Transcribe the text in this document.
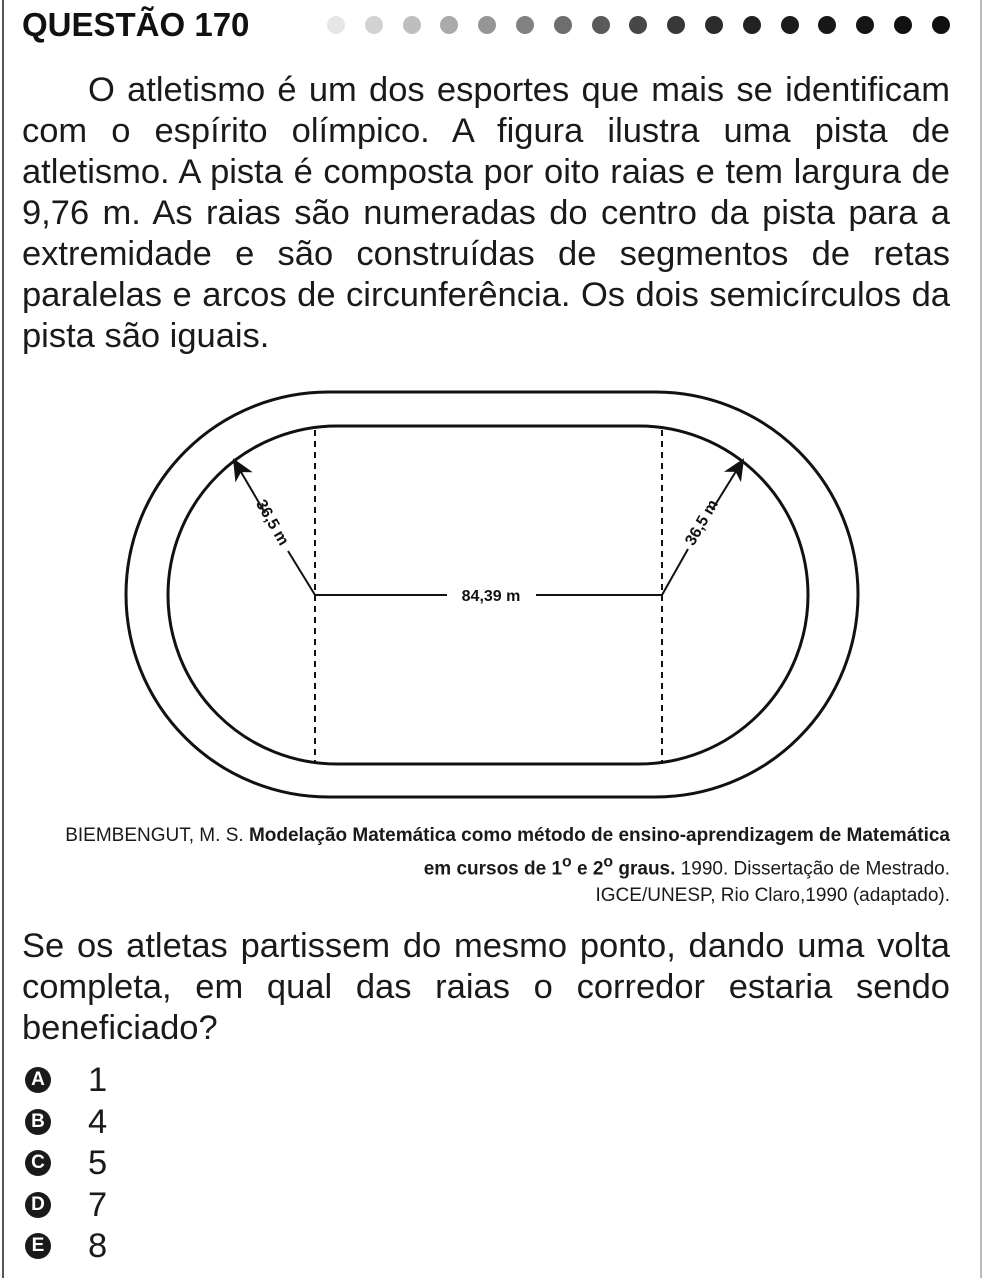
QUESTÃO 170

O atletismo é um dos esportes que mais se identificam com o espírito olímpico. A figura ilustra uma pista de atletismo. A pista é composta por oito raias e tem largura de 9,76 m. As raias são numeradas do centro da pista para a extremidade e são construídas de segmentos de retas paralelas e arcos de circunferência. Os dois semicírculos da pista são iguais.

84,39 m
36,5 m	36,5 m
BIEMBENGUT, M. S. Modelação Matemática como método de ensino-aprendizagem de Matemática em cursos de 1$^o$ e 2$^o$ graus. 1990. Dissertação de Mestrado.
IGCE/UNESP, Rio Claro,1990 (adaptado).

Se os atletas partissem do mesmo ponto, dando uma volta completa, em qual das raias o corredor estaria sendo beneficiado?

A 1
B 4
C 5
D 7
E 8
